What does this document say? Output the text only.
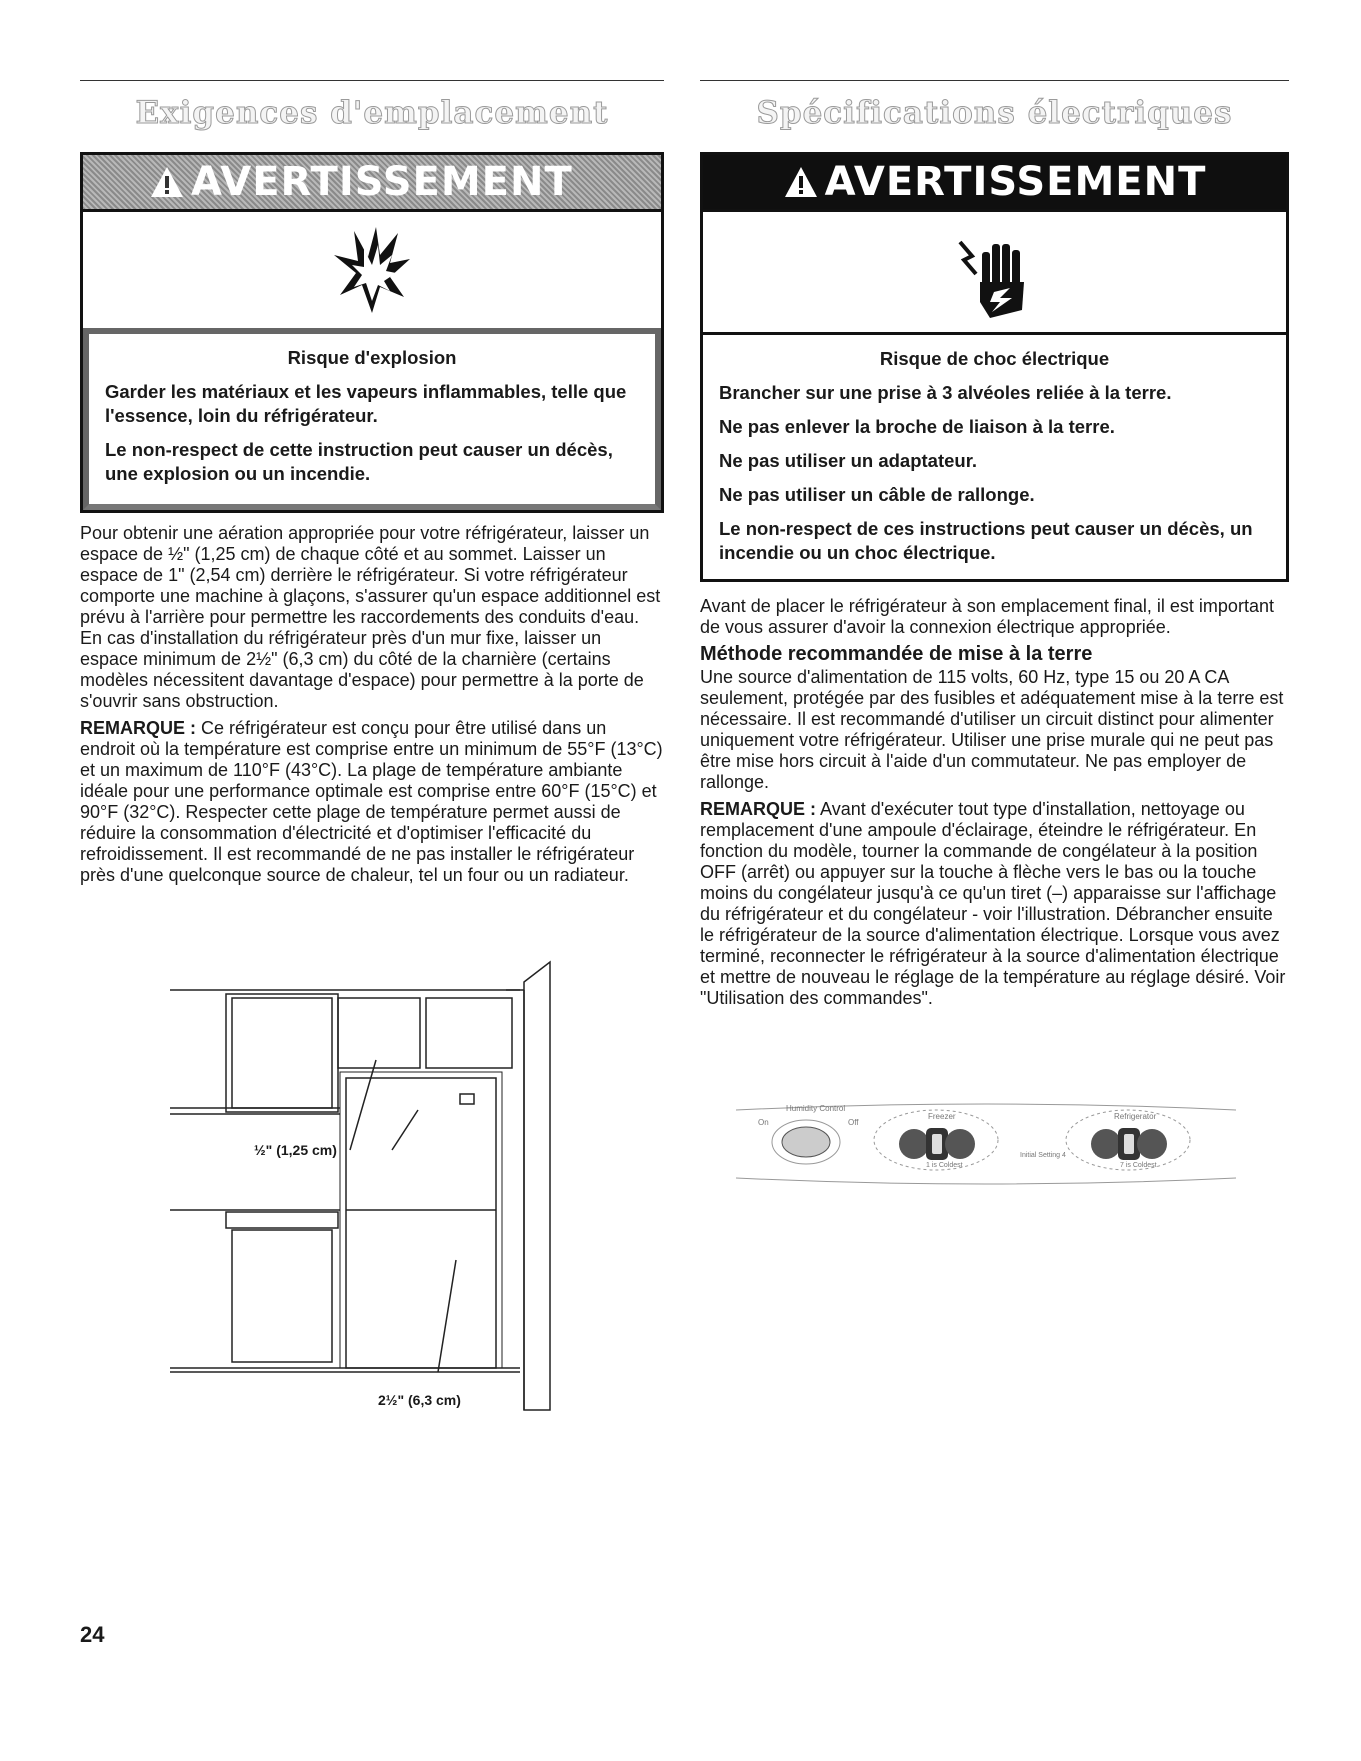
Exigences d'emplacement
AVERTISSEMENT
Risque d'explosion

Garder les matériaux et les vapeurs inflammables, telle que l'essence, loin du réfrigérateur.

Le non-respect de cette instruction peut causer un décès, une explosion ou un incendie.

Pour obtenir une aération appropriée pour votre réfrigérateur, laisser un espace de ½" (1,25 cm) de chaque côté et au sommet. Laisser un espace de 1" (2,54 cm) derrière le réfrigérateur. Si votre réfrigérateur comporte une machine à glaçons, s'assurer qu'un espace additionnel est prévu à l'arrière pour permettre les raccordements des conduits d'eau. En cas d'installation du réfrigérateur près d'un mur fixe, laisser un espace minimum de 2½" (6,3 cm) du côté de la charnière (certains modèles nécessitent davantage d'espace) pour permettre à la porte de s'ouvrir sans obstruction.

REMARQUE : Ce réfrigérateur est conçu pour être utilisé dans un endroit où la température est comprise entre un minimum de 55°F (13°C) et un maximum de 110°F (43°C). La plage de température ambiante idéale pour une performance optimale est comprise entre 60°F (15°C) et 90°F (32°C). Respecter cette plage de température permet aussi de réduire la consommation d'électricité et d'optimiser l'efficacité du refroidissement. Il est recommandé de ne pas installer le réfrigérateur près d'une quelconque source de chaleur, tel un four ou un radiateur.

½" (1,25 cm)
2½" (6,3 cm)
Spécifications électriques
AVERTISSEMENT
Risque de choc électrique

Brancher sur une prise à 3 alvéoles reliée à la terre.

Ne pas enlever la broche de liaison à la terre.

Ne pas utiliser un adaptateur.

Ne pas utiliser un câble de rallonge.

Le non-respect de ces instructions peut causer un décès, un incendie ou un choc électrique.

Avant de placer le réfrigérateur à son emplacement final, il est important de vous assurer d'avoir la connexion électrique appropriée.

Méthode recommandée de mise à la terre

Une source d'alimentation de 115 volts, 60 Hz, type 15 ou 20 A CA seulement, protégée par des fusibles et adéquatement mise à la terre est nécessaire. Il est recommandé d'utiliser un circuit distinct pour alimenter uniquement votre réfrigérateur. Utiliser une prise murale qui ne peut pas être mise hors circuit à l'aide d'un commutateur. Ne pas employer de rallonge.

REMARQUE : Avant d'exécuter tout type d'installation, nettoyage ou remplacement d'une ampoule d'éclairage, éteindre le réfrigérateur. En fonction du modèle, tourner la commande de congélateur à la position OFF (arrêt) ou appuyer sur la touche à flèche vers le bas ou la touche moins du congélateur jusqu'à ce qu'un tiret (–) apparaisse sur l'affichage du réfrigérateur et du congélateur - voir l'illustration. Débrancher ensuite le réfrigérateur de la source d'alimentation électrique. Lorsque vous avez terminé, reconnecter le réfrigérateur à la source d'alimentation électrique et mettre de nouveau le réglage de la température au réglage désiré. Voir "Utilisation des commandes".

Humidity Control
On	Off
Freezer	Refrigerator
1 is Coldest
Initial Setting 4
7 is Coldest
24
